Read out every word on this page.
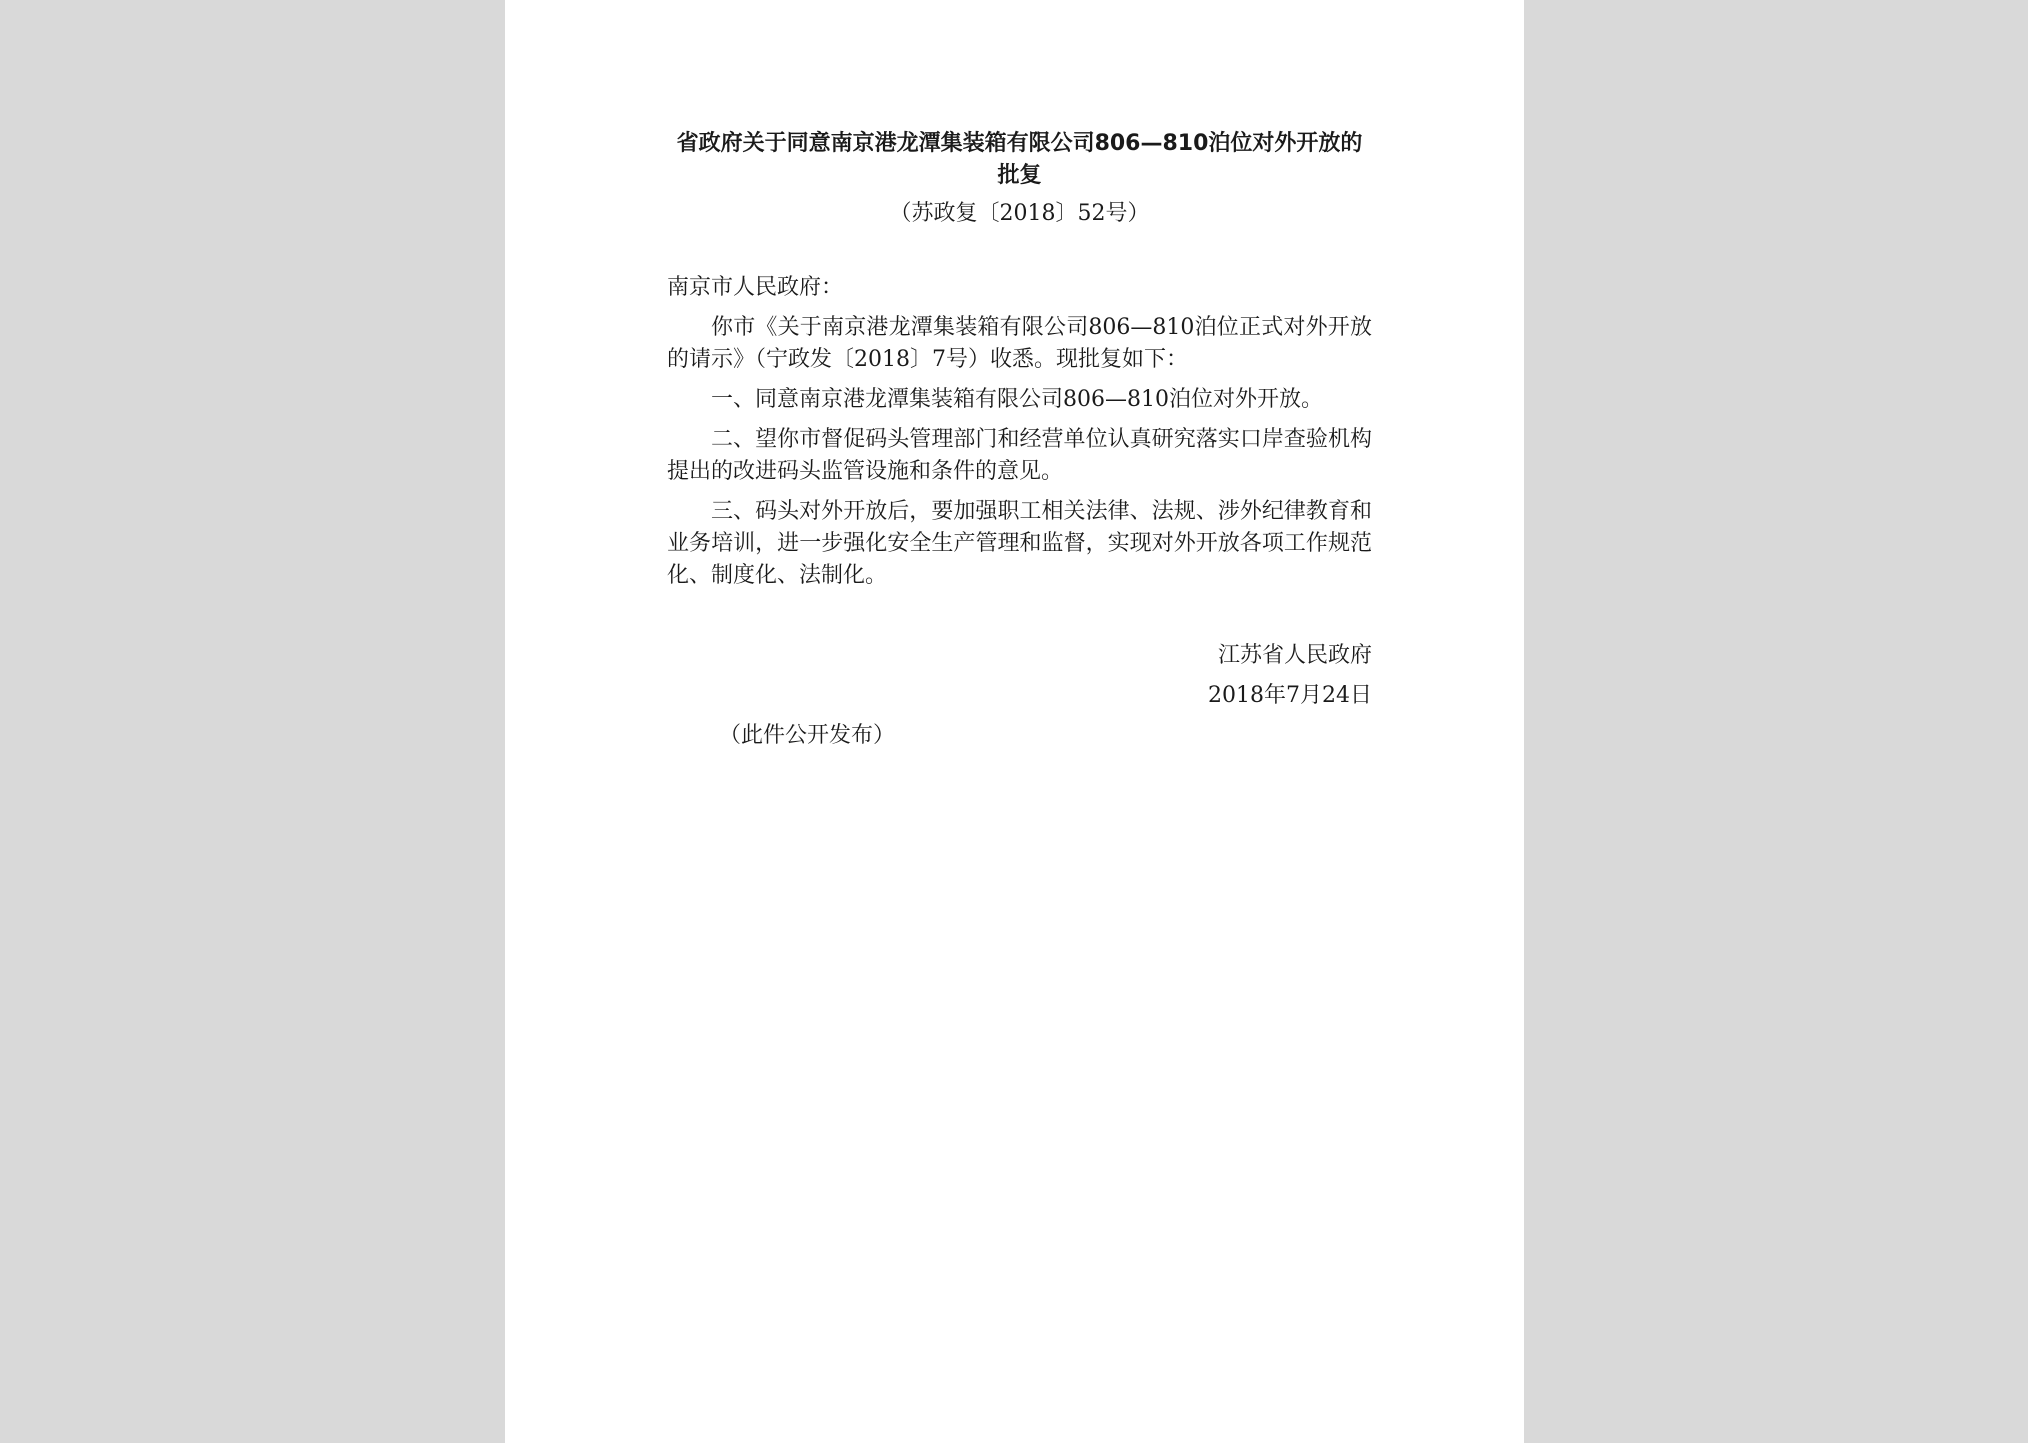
省政府关于同意南京港龙潭集装箱有限公司806—810泊位对外开放的批复
（苏政复〔2018〕52号）
南京市人民政府：

你市《关于南京港龙潭集装箱有限公司806—810泊位正式对外开放的请示》（宁政发〔2018〕7号）收悉。现批复如下：

一、同意南京港龙潭集装箱有限公司806—810泊位对外开放。

二、望你市督促码头管理部门和经营单位认真研究落实口岸查验机构提出的改进码头监管设施和条件的意见。

三、码头对外开放后，要加强职工相关法律、法规、涉外纪律教育和业务培训，进一步强化安全生产管理和监督，实现对外开放各项工作规范化、制度化、法制化。

江苏省人民政府
2018年7月24日
（此件公开发布）
